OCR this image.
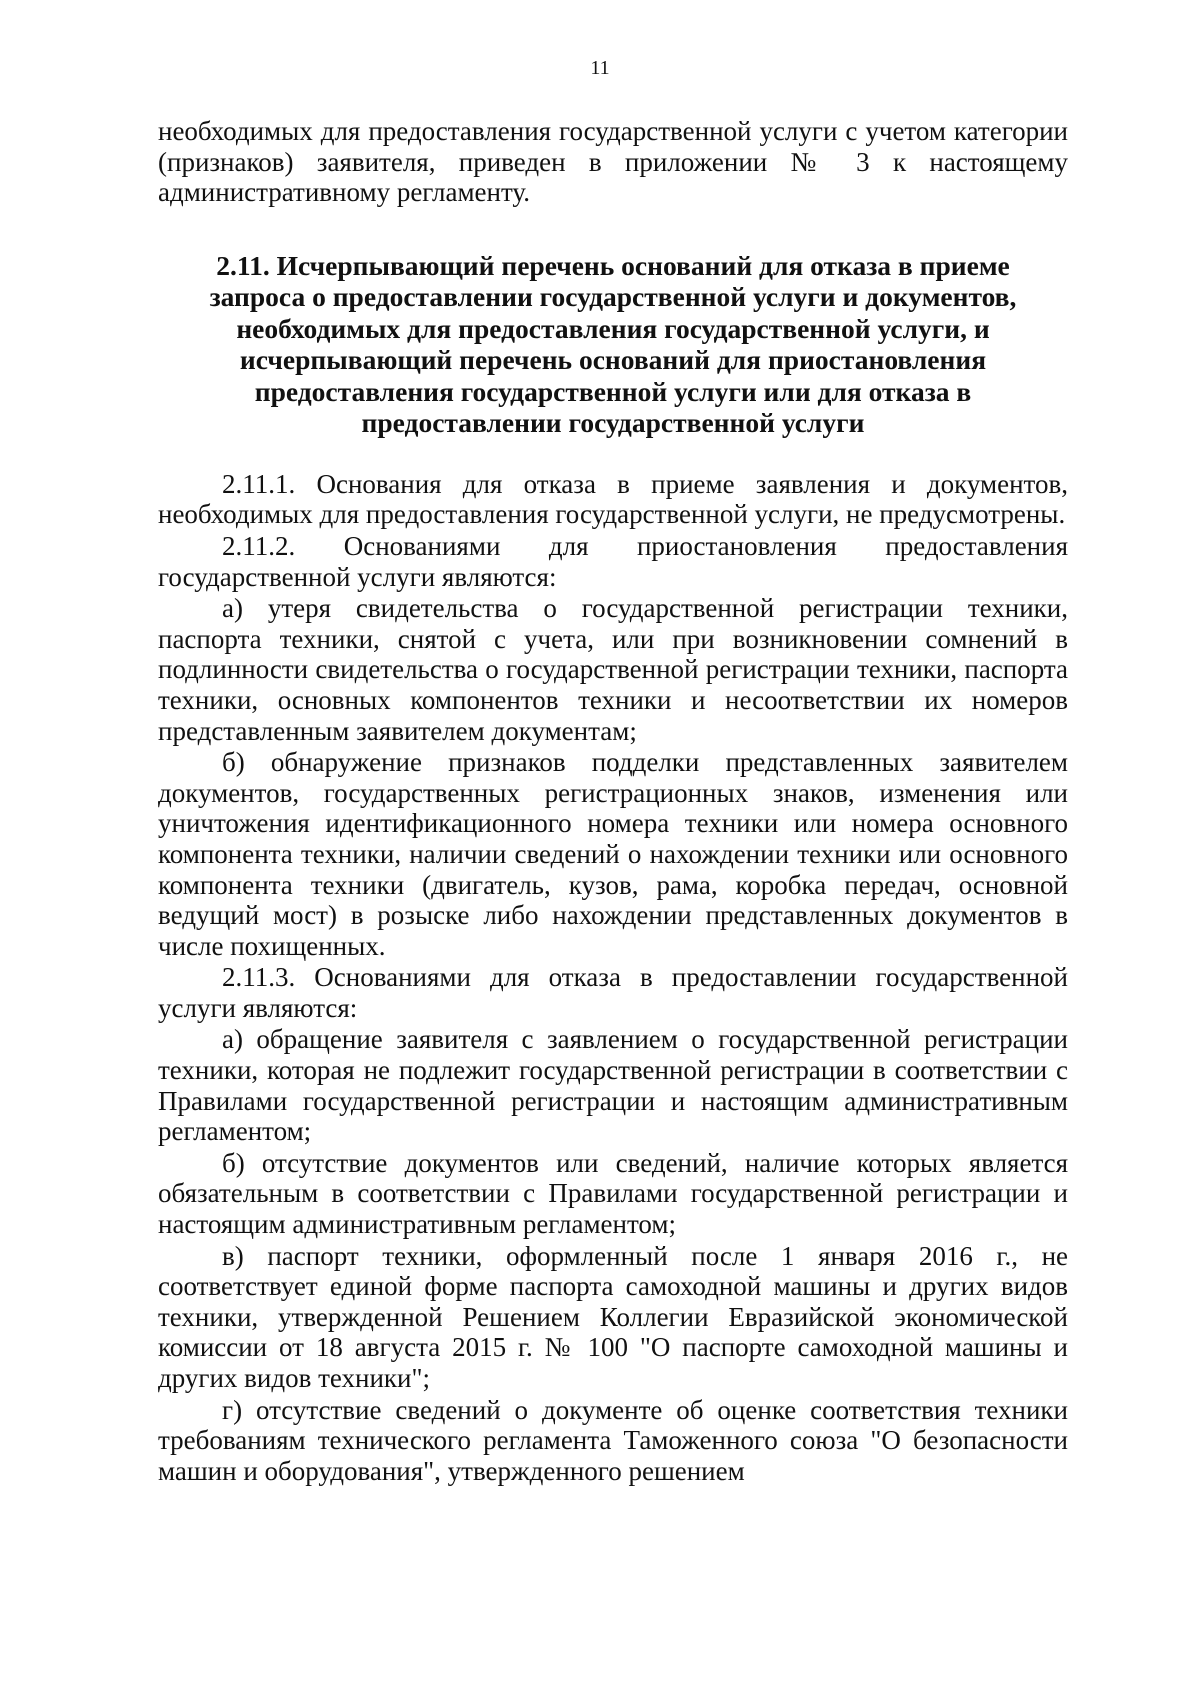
11

необходимых для предоставления государственной услуги с учетом категории (признаков) заявителя, приведен в приложении № 3 к настоящему административному регламенту.

2.11. Исчерпывающий перечень оснований для отказа в приеме запроса о предоставлении государственной услуги и документов, необходимых для предоставления государственной услуги, и исчерпывающий перечень оснований для приостановления предоставления государственной услуги или для отказа в предоставлении государственной услуги

2.11.1. Основания для отказа в приеме заявления и документов, необходимых для предоставления государственной услуги, не предусмотрены.

2.11.2. Основаниями для приостановления предоставления государственной услуги являются:

а) утеря свидетельства о государственной регистрации техники, паспорта техники, снятой с учета, или при возникновении сомнений в подлинности свидетельства о государственной регистрации техники, паспорта техники, основных компонентов техники и несоответствии их номеров представленным заявителем документам;

б) обнаружение признаков подделки представленных заявителем документов, государственных регистрационных знаков, изменения или уничтожения идентификационного номера техники или номера основного компонента техники, наличии сведений о нахождении техники или основного компонента техники (двигатель, кузов, рама, коробка передач, основной ведущий мост) в розыске либо нахождении представленных документов в числе похищенных.

2.11.3. Основаниями для отказа в предоставлении государственной услуги являются:

а) обращение заявителя с заявлением о государственной регистрации техники, которая не подлежит государственной регистрации в соответствии с Правилами государственной регистрации и настоящим административным регламентом;

б) отсутствие документов или сведений, наличие которых является обязательным в соответствии с Правилами государственной регистрации и настоящим административным регламентом;

в) паспорт техники, оформленный после 1 января 2016 г., не соответствует единой форме паспорта самоходной машины и других видов техники, утвержденной Решением Коллегии Евразийской экономической комиссии от 18 августа 2015 г. № 100 "О паспорте самоходной машины и других видов техники";

г) отсутствие сведений о документе об оценке соответствия техники требованиям технического регламента Таможенного союза "О безопасности машин и оборудования", утвержденного решением
